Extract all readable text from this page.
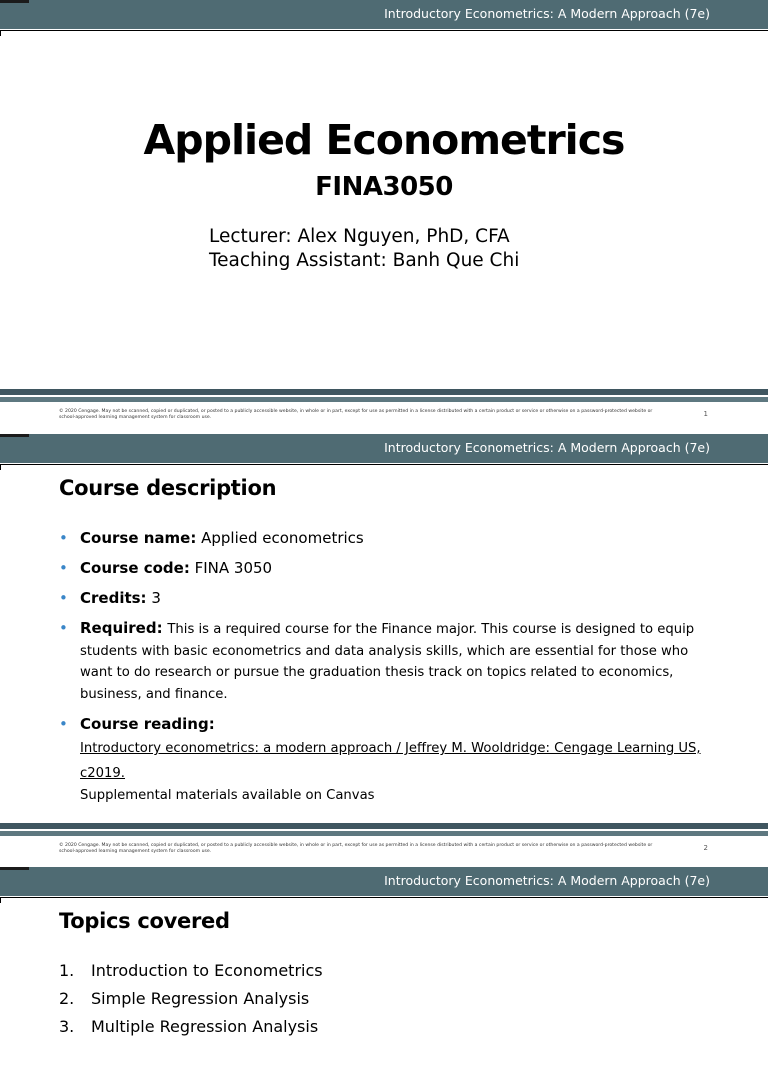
Introductory Econometrics: A Modern Approach (7e)
Applied Econometrics
FINA3050
Lecturer: Alex Nguyen, PhD, CFA
Teaching Assistant: Banh Que Chi
© 2020 Cengage. May not be scanned, copied or duplicated, or posted to a publicly accessible website, in whole or in part, except for use as permitted in a license distributed with a certain product or service or otherwise on a password-protected website or school-approved learning management system for classroom use.	1
Introductory Econometrics: A Modern Approach (7e)
Course description
• Course name: Applied econometrics
• Course code: FINA 3050
• Credits: 3
• Required: This is a required course for the Finance major. This course is designed to equip students with basic econometrics and data analysis skills, which are essential for those who want to do research or pursue the graduation thesis track on topics related to economics, business, and finance.
• Course reading:
Introductory econometrics: a modern approach / Jeffrey M. Wooldridge: Cengage Learning US, c2019.
Supplemental materials available on Canvas
© 2020 Cengage. May not be scanned, copied or duplicated, or posted to a publicly accessible website, in whole or in part, except for use as permitted in a license distributed with a certain product or service or otherwise on a password-protected website or school-approved learning management system for classroom use.	2
Introductory Econometrics: A Modern Approach (7e)
Topics covered
1. Introduction to Econometrics
2. Simple Regression Analysis
3. Multiple Regression Analysis
